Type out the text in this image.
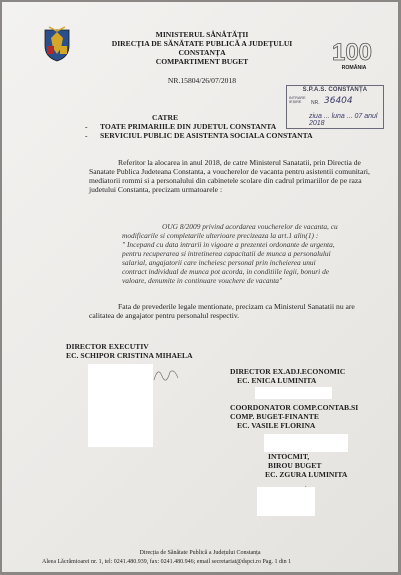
MINISTERUL SĂNĂTĂȚII
DIRECȚIA DE SĂNĂTATE PUBLICĂ A JUDEȚULUI
CONSTANȚA
COMPARTIMENT BUGET
NR.15804/26/07/2018
100
ROMÂNIA
S.P.A.S. CONSTANȚA
INTRARE
IEȘIRE	NR. 36404
ziua ... luna ... 07 anul 2018
CATRE
- TOATE PRIMARIILE DIN JUDETUL CONSTANTA
- SERVICIUL PUBLIC DE ASISTENTA SOCIALA CONSTANTA
Referitor la alocarea in anul 2018, de catre Ministerul Sanatatii, prin Directia de
Sanatate Publica Judeteana Constanta, a voucherelor de vacanta pentru asistentii comunitari,
mediatorii rommi si a personalului din cabinetele scolare din cadrul primariilor de pe raza
judetului Constanta, precizam urmatoarele :
OUG 8/2009 privind acordarea voucherelor de vacanta, cu
modificarile si completarile ulterioare precizeaza la art.1 alin(1) :
" Incepand cu data intrarii in vigoare a prezentei ordonante de urgenta,
pentru recuperarea si intretinerea capacitatii de munca a personalului
salarial, angajatorii care incheiesc personal prin incheierea unui
contract individual de munca pot acorda, in conditiile legii, bonuri de
valoare, denumite in continuare vouchere de vacanta"
Fata de prevederile legale mentionate, precizam ca Ministerul Sanatatii nu are
calitatea de angajator pentru personalul respectiv.
DIRECTOR EXECUTIV
EC. SCHIPOR CRISTINA MIHAELA
DIRECTOR EX.ADJ.ECONOMIC
EC. ENICA LUMINITA
COORDONATOR COMP.CONTAB.SI
COMP. BUGET-FINANTE
EC. VASILE FLORINA
INTOCMIT,
BIROU BUGET
EC. ZGURA LUMINITA
Direcția de Sănătate Publică a Județului Constanța
Aleea Lăcrămioarei nr. 1, tel: 0241.480.939, fax: 0241.480.946; email secretariat@dspct.ro Pag. 1 din 1
